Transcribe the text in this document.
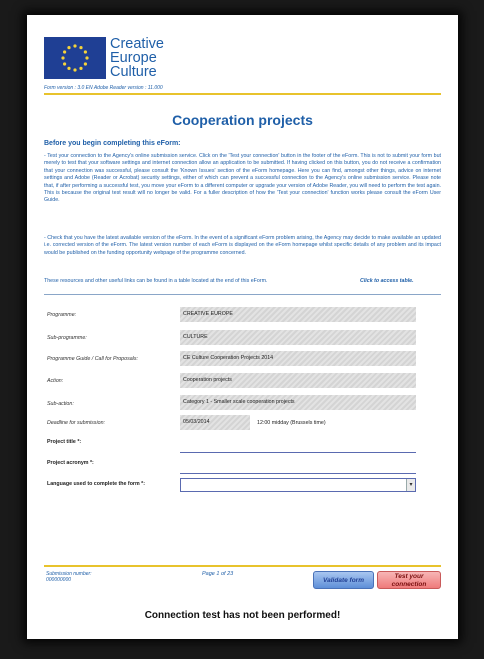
Creative
Europe
Culture
Form version : 3.0 EN Adobe Reader version : 11.000
Cooperation projects
Before you begin completing this eForm:

- Test your connection to the Agency's online submission service. Click on the 'Test your connection' button in the footer of the eForm. This is not to submit your form but merely to test that your software settings and internet connection allow an application to be submitted. If having clicked on this button, you do not receive a confirmation that your connection was successful, please consult the 'Known Issues' section of the eForm homepage. Here you can find, amongst other things, advice on internet settings and Adobe (Reader or Acrobat) security settings, either of which can prevent a successful connection to the Agency's online submission service. Please note that, if after performing a successful test, you move your eForm to a different computer or upgrade your version of Adobe Reader, you will need to perform the test again. This is because the original test result will no longer be valid. For a fuller description of how the 'Test your connection' function works please consult the eForm User Guide.

- Check that you have the latest available version of the eForm. In the event of a significant eForm problem arising, the Agency may decide to make available an updated i.e. corrected version of the eForm. The latest version number of each eForm is displayed on the eForm homepage whilst specific details of any problem and its impact would be published on the funding opportunity webpage of the programme concerned.

These resources and other useful links can be found in a table located at the end of this eForm.	Click to access table.
Programme:	CREATIVE EUROPE
Sub-programme:	CULTURE
Programme Guide / Call for Proposals:	CE Culture Cooperation Projects 2014
Action:	Cooperation projects
Sub-action:	Category 1 - Smaller scale cooperation projects
Deadline for submission:	05/03/2014	12:00 midday (Brussels time)
Project title *:
Project acronym *:
Language used to complete the form *:	▾
Submission number:
000000000
Page 1 of 23
Validate form
Test your
connection
Connection test has not been performed!
